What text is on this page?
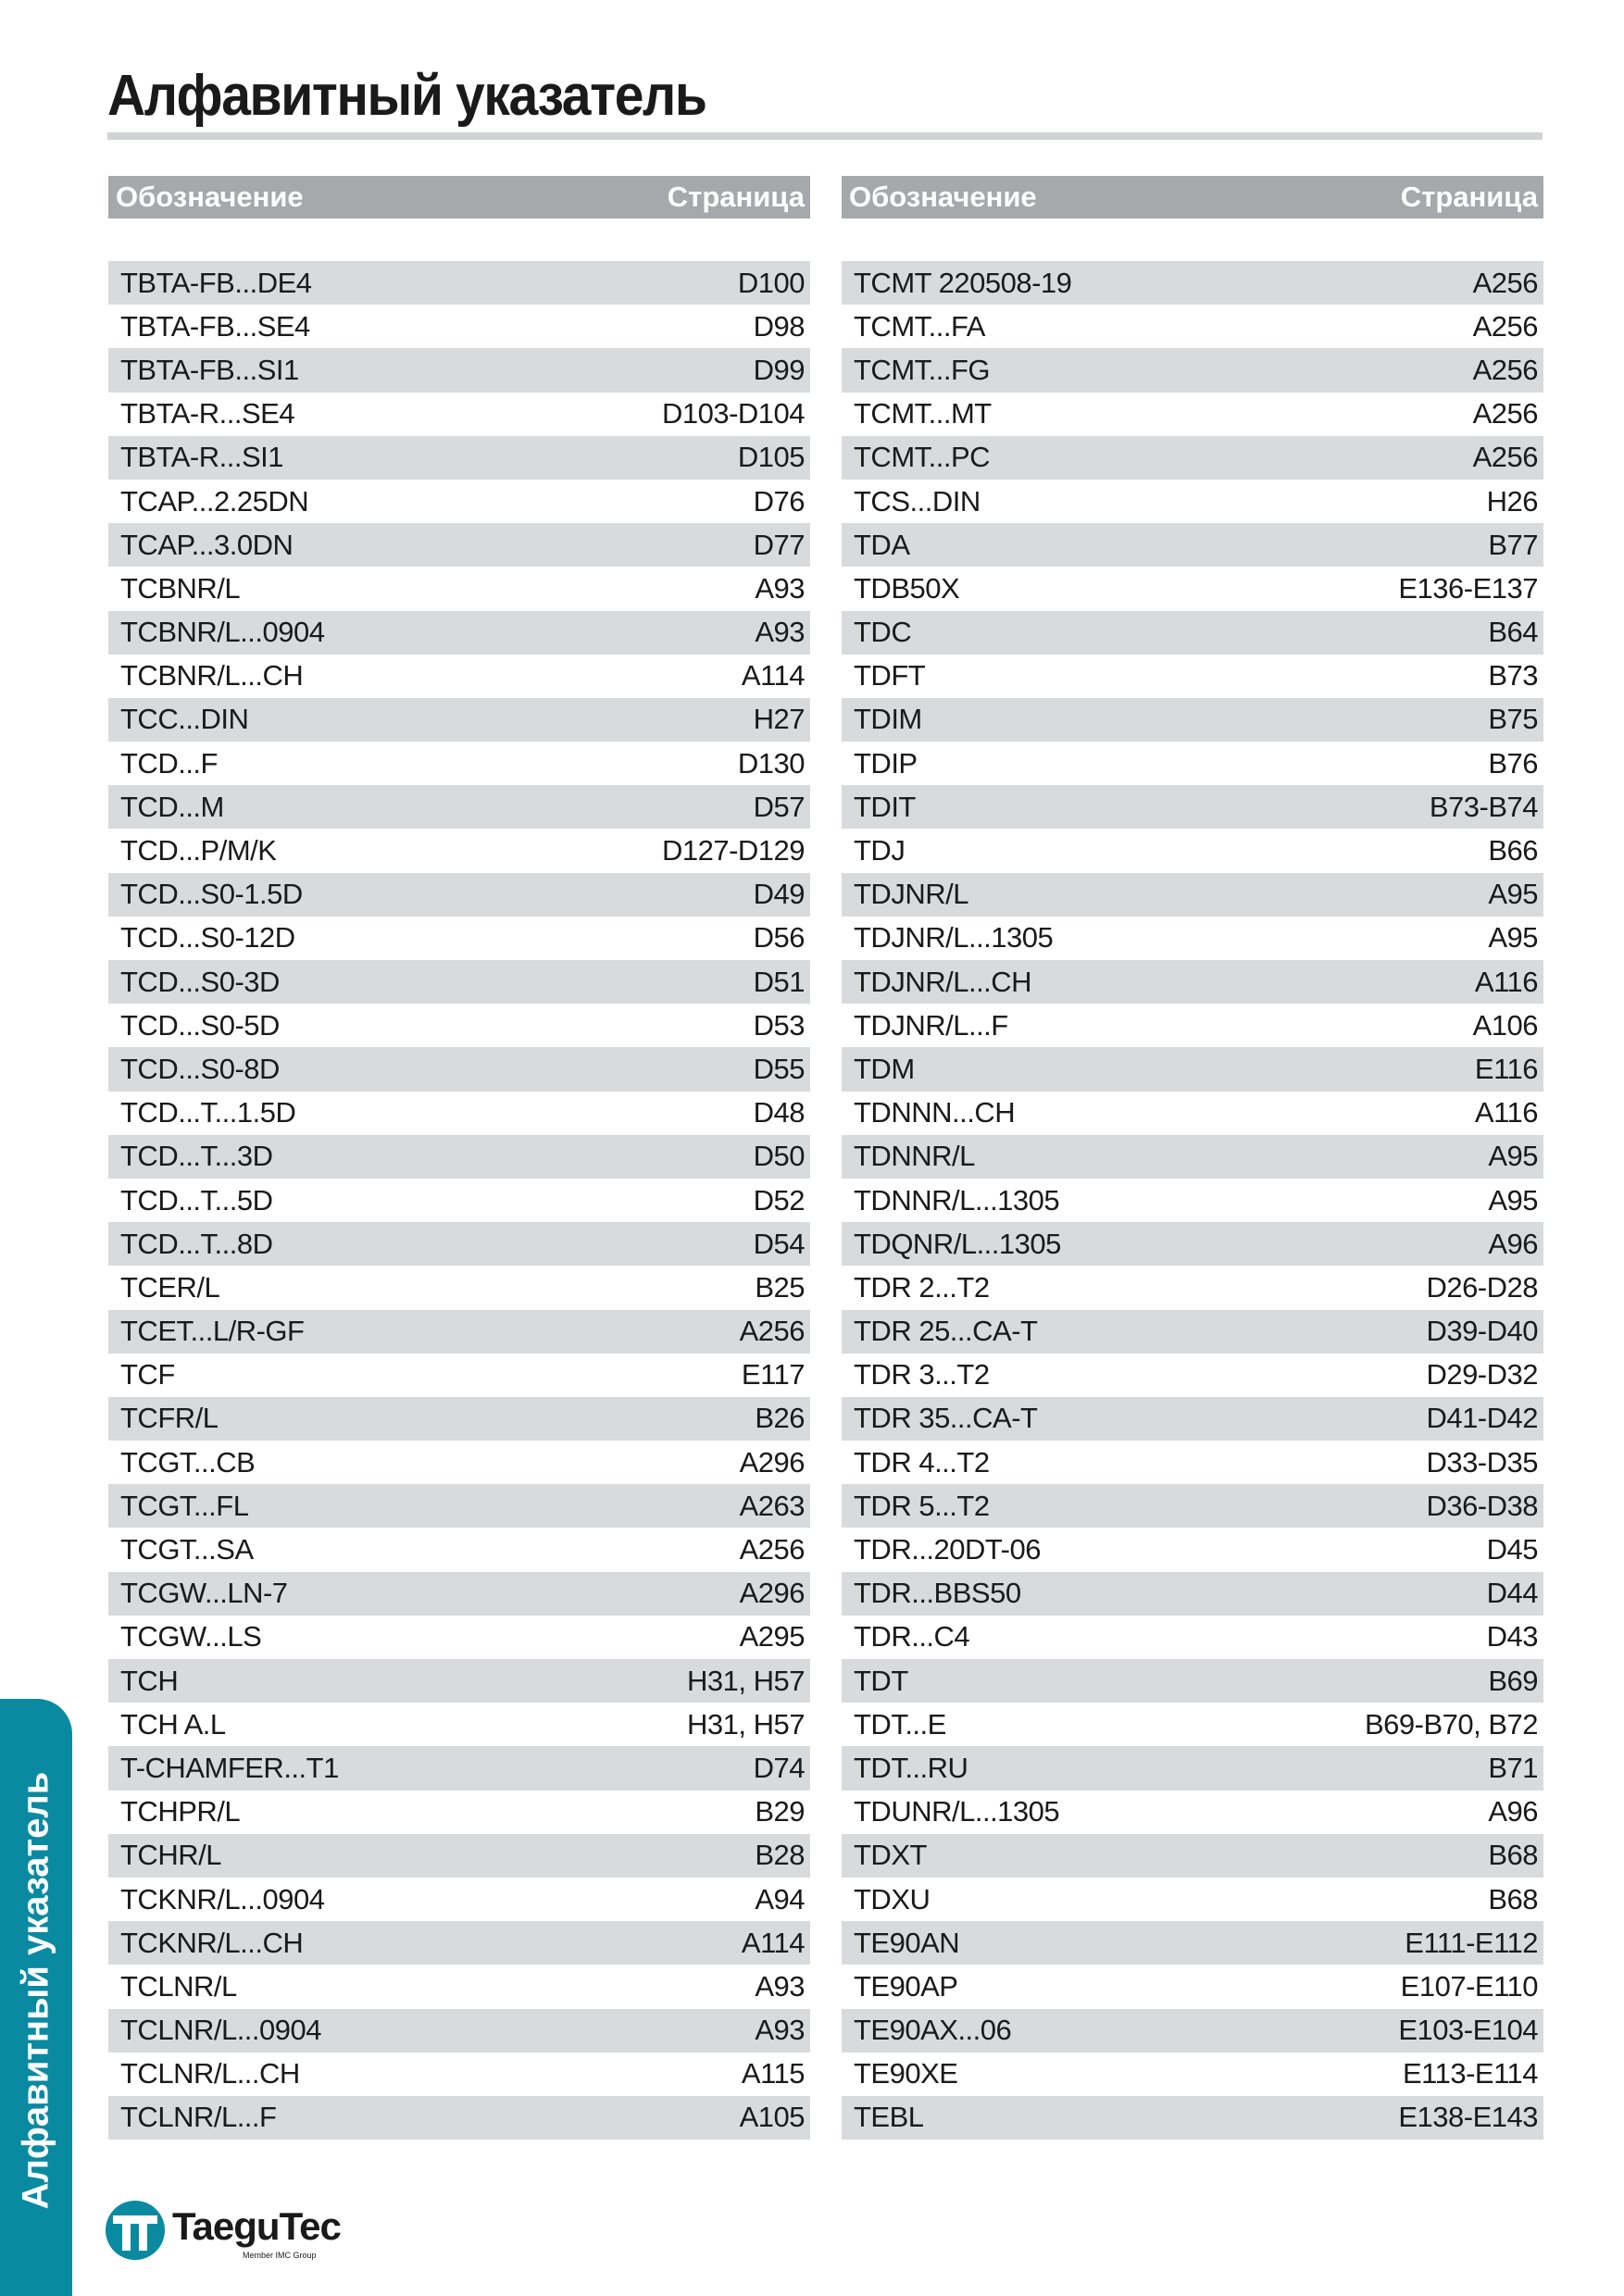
Алфавитный указатель
Обозначение	Страница
TBTA-FB...DE4	D100
TBTA-FB...SE4	D98
TBTA-FB...SI1	D99
TBTA-R...SE4	D103-D104
TBTA-R...SI1	D105
TCAP...2.25DN	D76
TCAP...3.0DN	D77
TCBNR/L	A93
TCBNR/L...0904	A93
TCBNR/L...CH	A114
TCC...DIN	H27
TCD...F	D130
TCD...M	D57
TCD...P/M/K	D127-D129
TCD...S0-1.5D	D49
TCD...S0-12D	D56
TCD...S0-3D	D51
TCD...S0-5D	D53
TCD...S0-8D	D55
TCD...T...1.5D	D48
TCD...T...3D	D50
TCD...T...5D	D52
TCD...T...8D	D54
TCER/L	B25
TCET...L/R-GF	A256
TCF	E117
TCFR/L	B26
TCGT...CB	A296
TCGT...FL	A263
TCGT...SA	A256
TCGW...LN-7	A296
TCGW...LS	A295
TCH	H31, H57
TCH A.L	H31, H57
T-CHAMFER...T1	D74
TCHPR/L	B29
TCHR/L	B28
TCKNR/L...0904	A94
TCKNR/L...CH	A114
TCLNR/L	A93
TCLNR/L...0904	A93
TCLNR/L...CH	A115
TCLNR/L...F	A105
Обозначение	Страница
TCMT 220508-19	A256
TCMT...FA	A256
TCMT...FG	A256
TCMT...MT	A256
TCMT...PC	A256
TCS...DIN	H26
TDA	B77
TDB50X	E136-E137
TDC	B64
TDFT	B73
TDIM	B75
TDIP	B76
TDIT	B73-B74
TDJ	B66
TDJNR/L	A95
TDJNR/L...1305	A95
TDJNR/L...CH	A116
TDJNR/L...F	A106
TDM	E116
TDNNN...CH	A116
TDNNR/L	A95
TDNNR/L...1305	A95
TDQNR/L...1305	A96
TDR 2...T2	D26-D28
TDR 25...CA-T	D39-D40
TDR 3...T2	D29-D32
TDR 35...CA-T	D41-D42
TDR 4...T2	D33-D35
TDR 5...T2	D36-D38
TDR...20DT-06	D45
TDR...BBS50	D44
TDR...C4	D43
TDT	B69
TDT...E	B69-B70, B72
TDT...RU	B71
TDUNR/L...1305	A96
TDXT	B68
TDXU	B68
TE90AN	E111-E112
TE90AP	E107-E110
TE90AX...06	E103-E104
TE90XE	E113-E114
TEBL	E138-E143
Алфавитный указатель
TaeguTec
Member IMC Group
